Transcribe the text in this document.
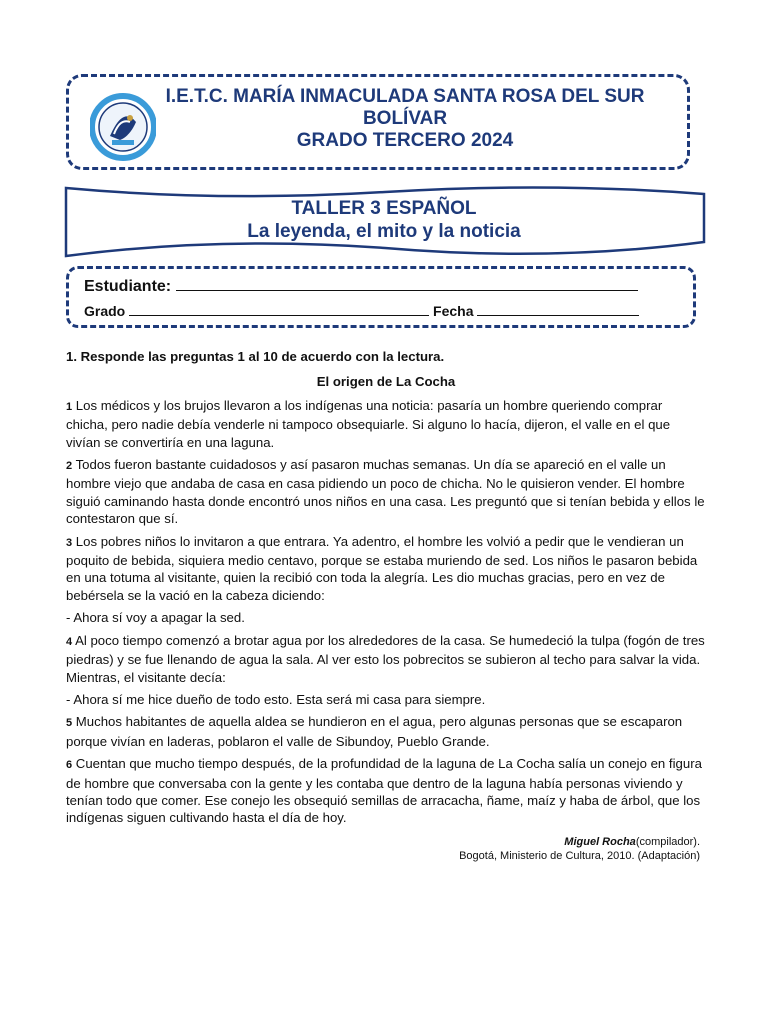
I.E.T.C. MARÍA INMACULADA SANTA ROSA DEL SUR
BOLÍVAR
GRADO TERCERO 2024
TALLER 3 ESPAÑOL
La leyenda, el mito y la noticia
Estudiante:
Grado	Fecha

1. Responde las preguntas 1 al 10 de acuerdo con la lectura.

El origen de La Cocha

1 Los médicos y los brujos llevaron a los indígenas una noticia: pasaría un hombre queriendo comprar chicha, pero nadie debía venderle ni tampoco obsequiarle. Si alguno lo hacía, dijeron, el valle en el que vivían se convertiría en una laguna.

2 Todos fueron bastante cuidadosos y así pasaron muchas semanas. Un día se apareció en el valle un hombre viejo que andaba de casa en casa pidiendo un poco de chicha. No le quisieron vender. El hombre siguió caminando hasta donde encontró unos niños en una casa. Les preguntó que si tenían bebida y ellos le contestaron que sí.

3 Los pobres niños lo invitaron a que entrara. Ya adentro, el hombre les volvió a pedir que le vendieran un poquito de bebida, siquiera medio centavo, porque se estaba muriendo de sed. Los niños le pasaron bebida en una totuma al visitante, quien la recibió con toda la alegría. Les dio muchas gracias, pero en vez de bebérsela se la vació en la cabeza diciendo:

- Ahora sí voy a apagar la sed.

4 Al poco tiempo comenzó a brotar agua por los alrededores de la casa. Se humedeció la tulpa (fogón de tres piedras) y se fue llenando de agua la sala. Al ver esto los pobrecitos se subieron al techo para salvar la vida. Mientras, el visitante decía:

- Ahora sí me hice dueño de todo esto. Esta será mi casa para siempre.

5 Muchos habitantes de aquella aldea se hundieron en el agua, pero algunas personas que se escaparon porque vivían en laderas, poblaron el valle de Sibundoy, Pueblo Grande.

6 Cuentan que mucho tiempo después, de la profundidad de la laguna de La Cocha salía un conejo en figura de hombre que conversaba con la gente y les contaba que dentro de la laguna había personas viviendo y tenían todo que comer. Ese conejo les obsequió semillas de arracacha, ñame, maíz y haba de árbol, que los indígenas siguen cultivando hasta el día de hoy.

Miguel Rocha(compilador).
Bogotá, Ministerio de Cultura, 2010. (Adaptación)
